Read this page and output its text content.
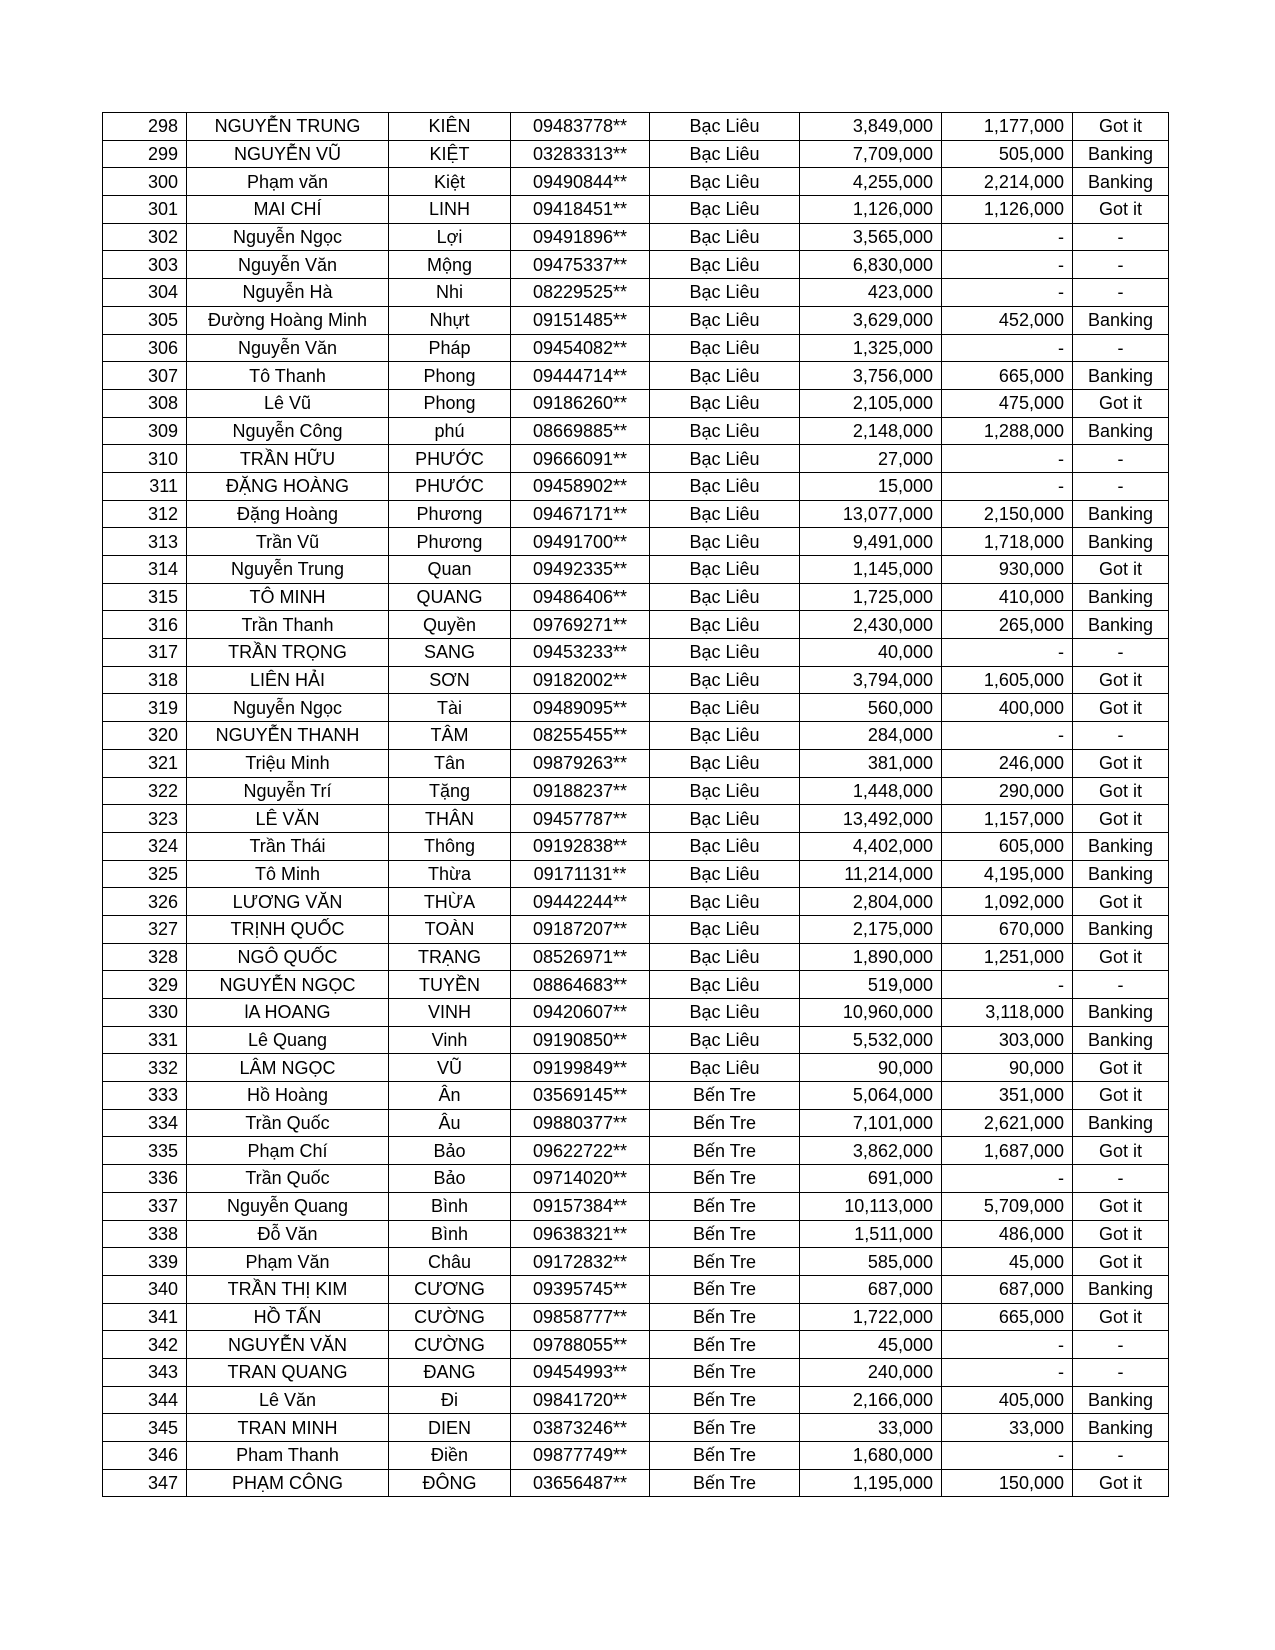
298	NGUYỄN TRUNG	KIÊN	09483778**	Bạc Liêu	3,849,000	1,177,000	Got it
299	NGUYỄN VŨ	KIỆT	03283313**	Bạc Liêu	7,709,000	505,000	Banking
300	Phạm văn	Kiệt	09490844**	Bạc Liêu	4,255,000	2,214,000	Banking
301	MAI CHÍ	LINH	09418451**	Bạc Liêu	1,126,000	1,126,000	Got it
302	Nguyễn Ngọc	Lợi	09491896**	Bạc Liêu	3,565,000	-	-
303	Nguyễn Văn	Mộng	09475337**	Bạc Liêu	6,830,000	-	-
304	Nguyễn Hà	Nhi	08229525**	Bạc Liêu	423,000	-	-
305	Đường Hoàng Minh	Nhựt	09151485**	Bạc Liêu	3,629,000	452,000	Banking
306	Nguyễn Văn	Pháp	09454082**	Bạc Liêu	1,325,000	-	-
307	Tô Thanh	Phong	09444714**	Bạc Liêu	3,756,000	665,000	Banking
308	Lê Vũ	Phong	09186260**	Bạc Liêu	2,105,000	475,000	Got it
309	Nguyễn Công	phú	08669885**	Bạc Liêu	2,148,000	1,288,000	Banking
310	TRẦN HỮU	PHƯỚC	09666091**	Bạc Liêu	27,000	-	-
311	ĐẶNG HOÀNG	PHƯỚC	09458902**	Bạc Liêu	15,000	-	-
312	Đặng Hoàng	Phương	09467171**	Bạc Liêu	13,077,000	2,150,000	Banking
313	Trần Vũ	Phương	09491700**	Bạc Liêu	9,491,000	1,718,000	Banking
314	Nguyễn Trung	Quan	09492335**	Bạc Liêu	1,145,000	930,000	Got it
315	TÔ MINH	QUANG	09486406**	Bạc Liêu	1,725,000	410,000	Banking
316	Trần Thanh	Quyền	09769271**	Bạc Liêu	2,430,000	265,000	Banking
317	TRẦN TRỌNG	SANG	09453233**	Bạc Liêu	40,000	-	-
318	LIÊN HẢI	SƠN	09182002**	Bạc Liêu	3,794,000	1,605,000	Got it
319	Nguyễn Ngọc	Tài	09489095**	Bạc Liêu	560,000	400,000	Got it
320	NGUYỄN THANH	TÂM	08255455**	Bạc Liêu	284,000	-	-
321	Triệu Minh	Tân	09879263**	Bạc Liêu	381,000	246,000	Got it
322	Nguyễn Trí	Tặng	09188237**	Bạc Liêu	1,448,000	290,000	Got it
323	LÊ VĂN	THÂN	09457787**	Bạc Liêu	13,492,000	1,157,000	Got it
324	Trần Thái	Thông	09192838**	Bạc Liêu	4,402,000	605,000	Banking
325	Tô Minh	Thừa	09171131**	Bạc Liêu	11,214,000	4,195,000	Banking
326	LƯƠNG VĂN	THỪA	09442244**	Bạc Liêu	2,804,000	1,092,000	Got it
327	TRỊNH QUỐC	TOÀN	09187207**	Bạc Liêu	2,175,000	670,000	Banking
328	NGÔ QUỐC	TRẠNG	08526971**	Bạc Liêu	1,890,000	1,251,000	Got it
329	NGUYỄN NGỌC	TUYỀN	08864683**	Bạc Liêu	519,000	-	-
330	lA HOANG	VINH	09420607**	Bạc Liêu	10,960,000	3,118,000	Banking
331	Lê Quang	Vinh	09190850**	Bạc Liêu	5,532,000	303,000	Banking
332	LÂM NGỌC	VŨ	09199849**	Bạc Liêu	90,000	90,000	Got it
333	Hồ Hoàng	Ân	03569145**	Bến Tre	5,064,000	351,000	Got it
334	Trần Quốc	Âu	09880377**	Bến Tre	7,101,000	2,621,000	Banking
335	Phạm Chí	Bảo	09622722**	Bến Tre	3,862,000	1,687,000	Got it
336	Trần Quốc	Bảo	09714020**	Bến Tre	691,000	-	-
337	Nguyễn Quang	Bình	09157384**	Bến Tre	10,113,000	5,709,000	Got it
338	Đỗ Văn	Bình	09638321**	Bến Tre	1,511,000	486,000	Got it
339	Phạm Văn	Châu	09172832**	Bến Tre	585,000	45,000	Got it
340	TRẦN THỊ KIM	CƯƠNG	09395745**	Bến Tre	687,000	687,000	Banking
341	HỒ TẤN	CƯỜNG	09858777**	Bến Tre	1,722,000	665,000	Got it
342	NGUYỄN VĂN	CƯỜNG	09788055**	Bến Tre	45,000	-	-
343	TRAN QUANG	ĐANG	09454993**	Bến Tre	240,000	-	-
344	Lê Văn	Đi	09841720**	Bến Tre	2,166,000	405,000	Banking
345	TRAN MINH	DIEN	03873246**	Bến Tre	33,000	33,000	Banking
346	Pham Thanh	Điền	09877749**	Bến Tre	1,680,000	-	-
347	PHẠM CÔNG	ĐÔNG	03656487**	Bến Tre	1,195,000	150,000	Got it
